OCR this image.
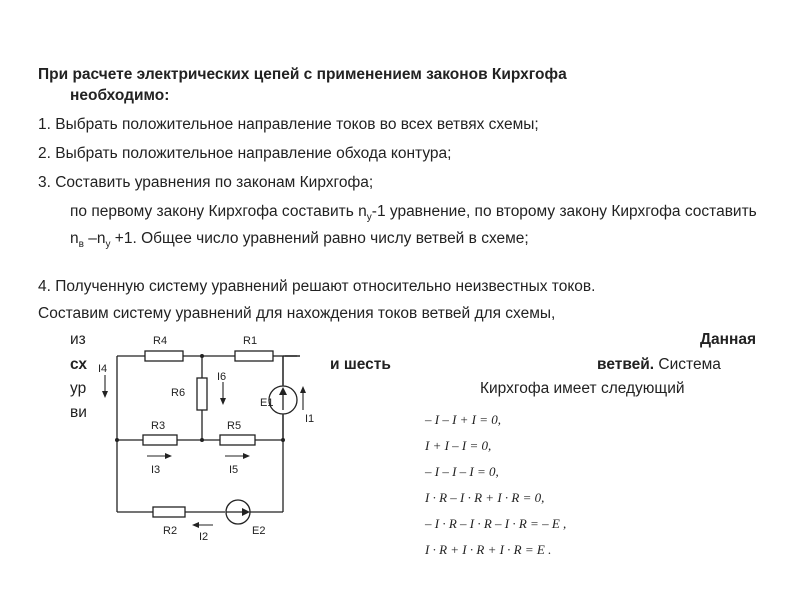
При расчете электрических цепей с применением законов Кирхгофа
необходимо:
1. Выбрать положительное направление токов во всех ветвях схемы;
2. Выбрать положительное направление обхода контура;
3. Составить уравнения по законам Кирхгофа;
по первому закону Кирхгофа составить $n_y-1$ уравнение, по второму закону Кирхгофа составить $n_в$ $-n_y +1$. Общее число уравнений равно числу ветвей в схеме;
4. Полученную систему уравнений решают относительно неизвестных токов.
Составим систему уравнений для нахождения токов ветвей для схемы,
из	Данная
сх	и шесть	ветвей. Система
ур	Кирхгофа имеет следующий
ви
R4	R1
R6
I6
E1
I1
I4
R3	R5
I3	I5
R2 I2	E2
– I – I + I = 0,
I + I – I = 0,
– I – I – I = 0,
I · R – I · R + I · R = 0,
– I · R – I · R – I · R = – E ,
I · R + I · R + I · R = E .
